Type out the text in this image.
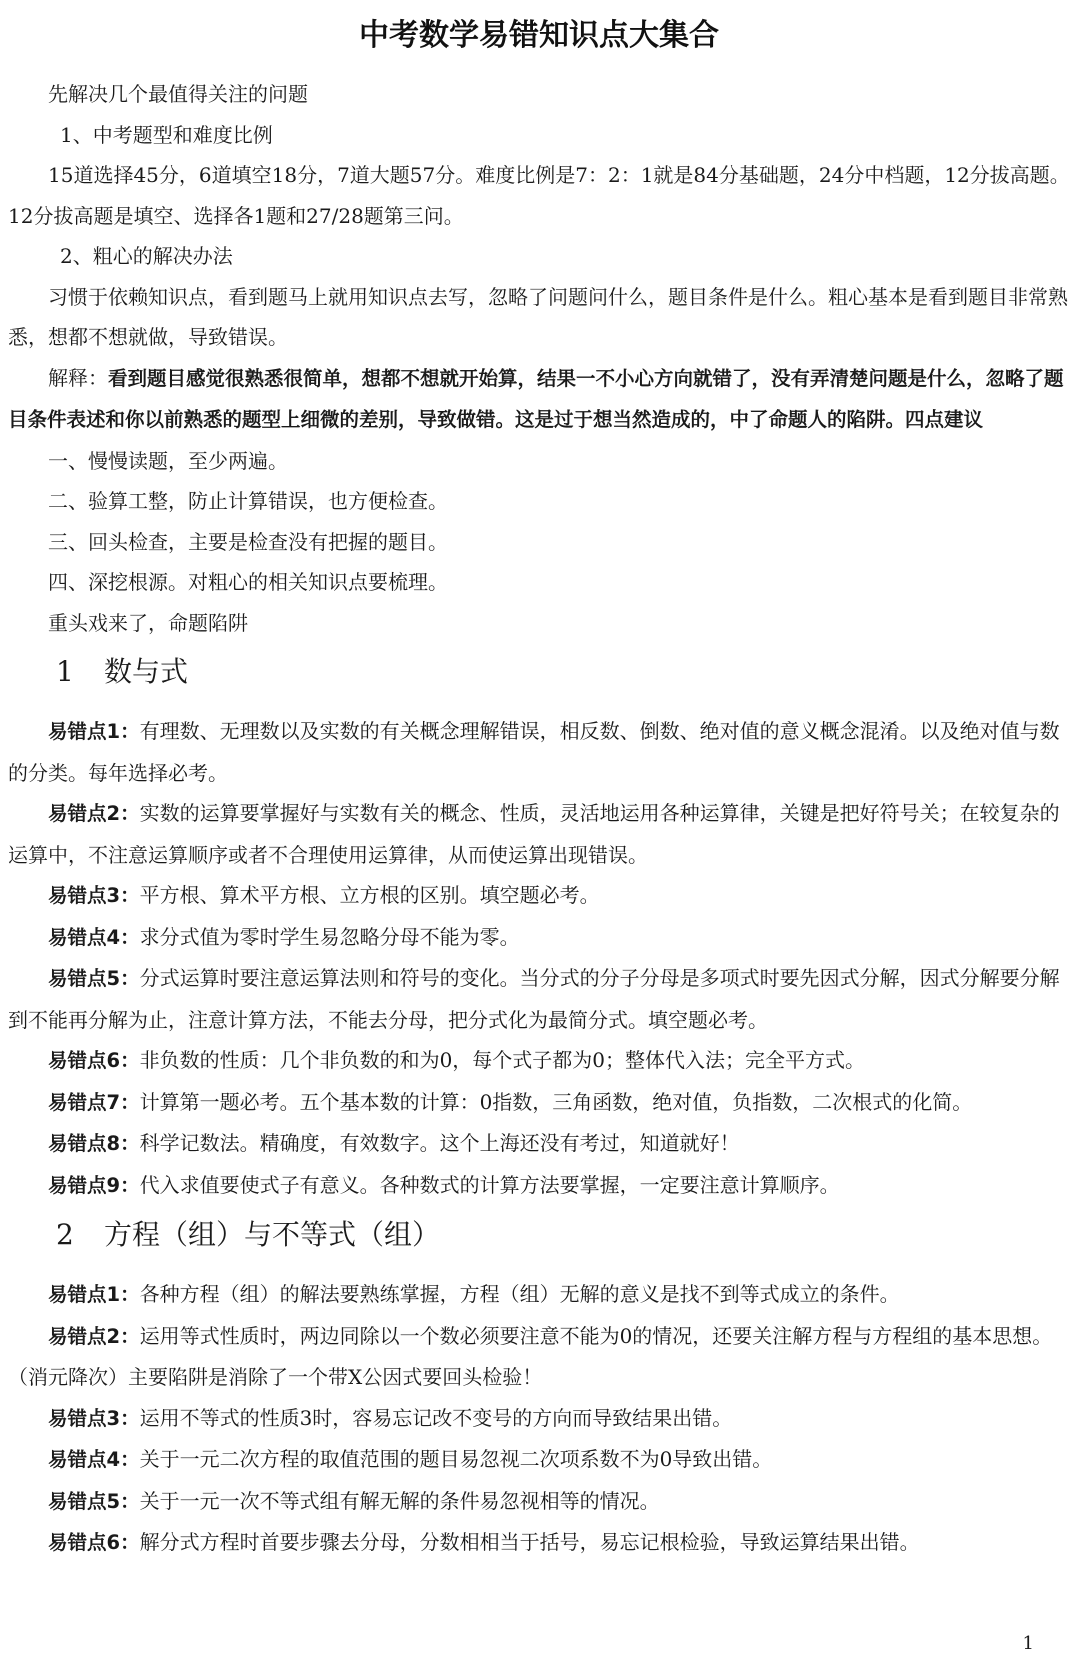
中考数学易错知识点大集合

先解决几个最值得关注的问题

1、中考题型和难度比例

15道选择45分，6道填空18分，7道大题57分。难度比例是7：2：1就是84分基础题，24分中档题，12分拔高题。12分拔高题是填空、选择各1题和27/28题第三问。

2、粗心的解决办法

习惯于依赖知识点，看到题马上就用知识点去写，忽略了问题问什么，题目条件是什么。粗心基本是看到题目非常熟悉，想都不想就做，导致错误。

解释：看到题目感觉很熟悉很简单，想都不想就开始算，结果一不小心方向就错了，没有弄清楚问题是什么，忽略了题目条件表述和你以前熟悉的题型上细微的差别，导致做错。这是过于想当然造成的，中了命题人的陷阱。四点建议

一、慢慢读题，至少两遍。

二、验算工整，防止计算错误，也方便检查。

三、回头检查，主要是检查没有把握的题目。

四、深挖根源。对粗心的相关知识点要梳理。

重头戏来了，命题陷阱

1 数与式

易错点1：有理数、无理数以及实数的有关概念理解错误，相反数、倒数、绝对值的意义概念混淆。以及绝对值与数的分类。每年选择必考。

易错点2：实数的运算要掌握好与实数有关的概念、性质，灵活地运用各种运算律，关键是把好符号关；在较复杂的运算中，不注意运算顺序或者不合理使用运算律，从而使运算出现错误。

易错点3：平方根、算术平方根、立方根的区别。填空题必考。

易错点4：求分式值为零时学生易忽略分母不能为零。

易错点5：分式运算时要注意运算法则和符号的变化。当分式的分子分母是多项式时要先因式分解，因式分解要分解到不能再分解为止，注意计算方法，不能去分母，把分式化为最简分式。填空题必考。

易错点6：非负数的性质：几个非负数的和为0，每个式子都为0；整体代入法；完全平方式。

易错点7：计算第一题必考。五个基本数的计算：0指数，三角函数，绝对值，负指数，二次根式的化简。

易错点8：科学记数法。精确度，有效数字。这个上海还没有考过，知道就好！

易错点9：代入求值要使式子有意义。各种数式的计算方法要掌握，一定要注意计算顺序。

2 方程（组）与不等式（组）

易错点1：各种方程（组）的解法要熟练掌握，方程（组）无解的意义是找不到等式成立的条件。

易错点2：运用等式性质时，两边同除以一个数必须要注意不能为0的情况，还要关注解方程与方程组的基本思想。（消元降次）主要陷阱是消除了一个带X公因式要回头检验！

易错点3：运用不等式的性质3时，容易忘记改不变号的方向而导致结果出错。

易错点4：关于一元二次方程的取值范围的题目易忽视二次项系数不为0导致出错。

易错点5：关于一元一次不等式组有解无解的条件易忽视相等的情况。

易错点6：解分式方程时首要步骤去分母，分数相相当于括号，易忘记根检验，导致运算结果出错。

1
